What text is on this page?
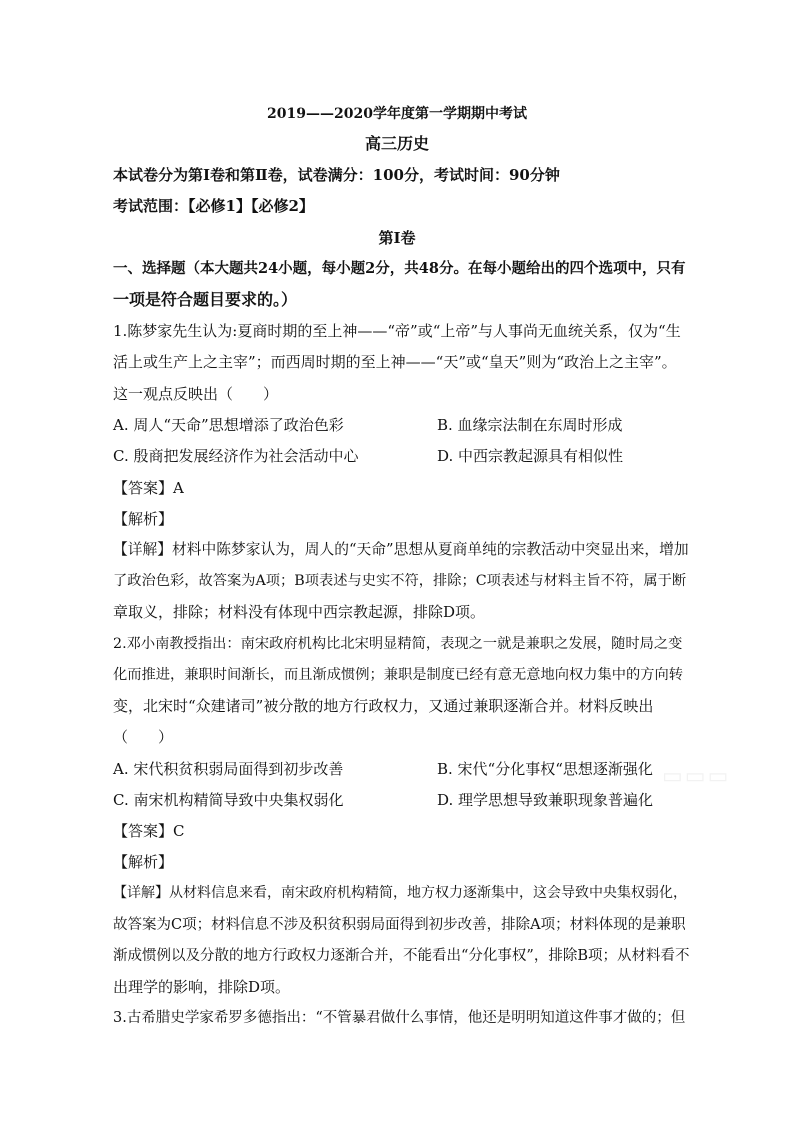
2019——2020学年度第一学期期中考试
高三历史
本试卷分为第Ⅰ卷和第Ⅱ卷，试卷满分：100分，考试时间：90分钟
考试范围：【必修1】【必修2】
第Ⅰ卷
一、选择题（本大题共24小题，每小题2分，共48分。在每小题给出的四个选项中，只有
一项是符合题目要求的。）
1.陈梦家先生认为:夏商时期的至上神——“帝”或“上帝”与人事尚无血统关系，仅为“生
活上或生产上之主宰”；而西周时期的至上神——“天”或“皇天”则为“政治上之主宰”。
这一观点反映出（　　）
A. 周人“天命”思想增添了政治色彩	B. 血缘宗法制在东周时形成
C. 殷商把发展经济作为社会活动中心	D. 中西宗教起源具有相似性
【答案】A
【解析】
【详解】材料中陈梦家认为，周人的“天命”思想从夏商单纯的宗教活动中突显出来，增加
了政治色彩，故答案为A项；B项表述与史实不符，排除；C项表述与材料主旨不符，属于断
章取义，排除；材料没有体现中西宗教起源，排除D项。
2.邓小南教授指出：南宋政府机构比北宋明显精简，表现之一就是兼职之发展，随时局之变
化而推进，兼职时间渐长，而且渐成惯例；兼职是制度已经有意无意地向权力集中的方向转
变，北宋时“众建诸司”被分散的地方行政权力，又通过兼职逐渐合并。材料反映出
（　　）
A. 宋代积贫积弱局面得到初步改善	B. 宋代“分化事权“思想逐渐强化
C. 南宋机构精简导致中央集权弱化	D. 理学思想导致兼职现象普遍化
【答案】C
【解析】
【详解】从材料信息来看，南宋政府机构精简，地方权力逐渐集中，这会导致中央集权弱化，
故答案为C项；材料信息不涉及积贫积弱局面得到初步改善，排除A项；材料体现的是兼职
渐成惯例以及分散的地方行政权力逐渐合并，不能看出“分化事权”，排除B项；从材料看不
出理学的影响，排除D项。
3.古希腊史学家希罗多德指出：“不管暴君做什么事情，他还是明明知道这件事才做的；但
▭▭▭
